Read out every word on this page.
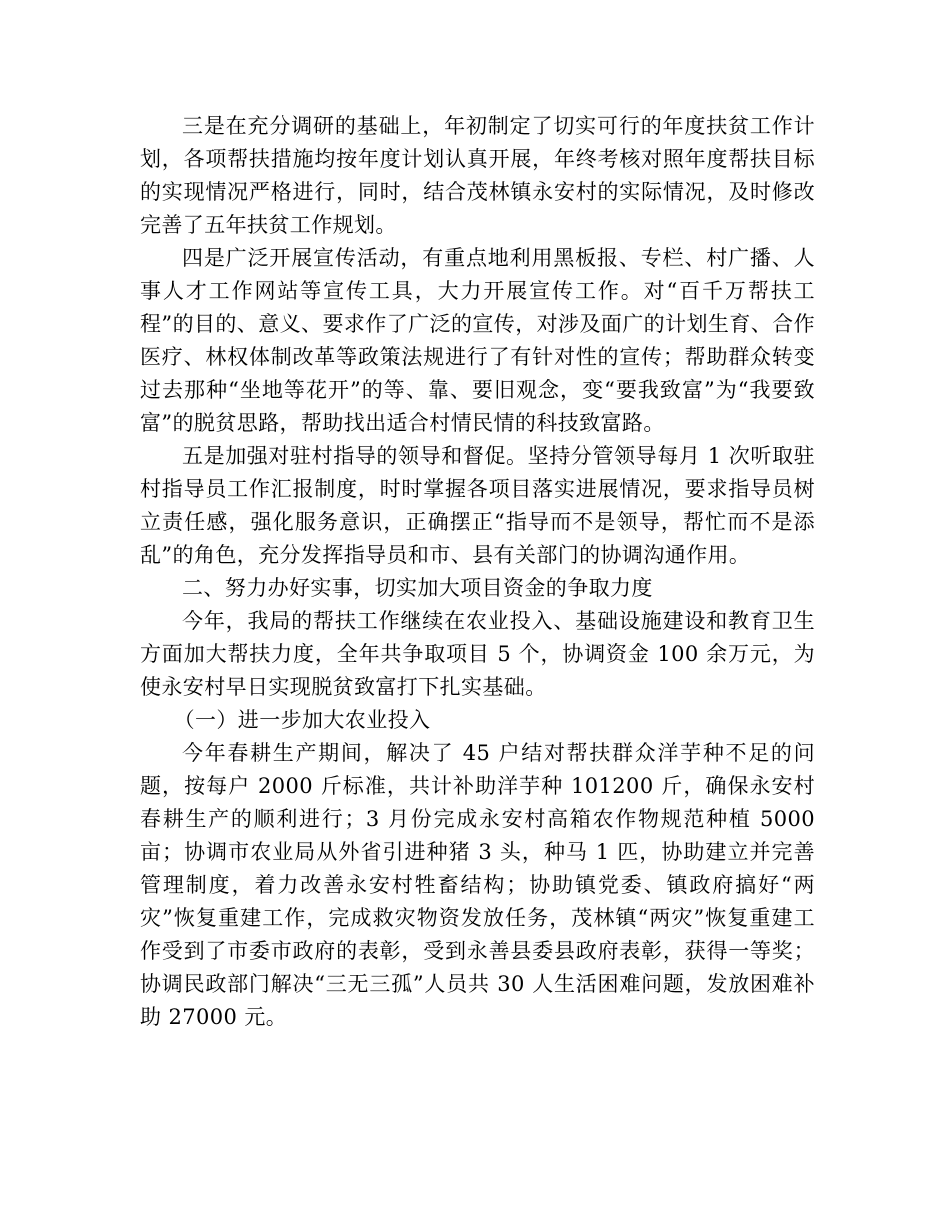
三是在充分调研的基础上，年初制定了切实可行的年度扶贫工作计划，各项帮扶措施均按年度计划认真开展，年终考核对照年度帮扶目标的实现情况严格进行，同时，结合茂林镇永安村的实际情况，及时修改完善了五年扶贫工作规划。

四是广泛开展宣传活动，有重点地利用黑板报、专栏、村广播、人事人才工作网站等宣传工具，大力开展宣传工作。对“百千万帮扶工程”的目的、意义、要求作了广泛的宣传，对涉及面广的计划生育、合作医疗、林权体制改革等政策法规进行了有针对性的宣传；帮助群众转变过去那种“坐地等花开”的等、靠、要旧观念，变“要我致富”为“我要致富”的脱贫思路，帮助找出适合村情民情的科技致富路。

五是加强对驻村指导的领导和督促。坚持分管领导每月 1 次听取驻村指导员工作汇报制度，时时掌握各项目落实进展情况，要求指导员树立责任感，强化服务意识，正确摆正“指导而不是领导，帮忙而不是添乱”的角色，充分发挥指导员和市、县有关部门的协调沟通作用。

二、努力办好实事，切实加大项目资金的争取力度

今年，我局的帮扶工作继续在农业投入、基础设施建设和教育卫生方面加大帮扶力度，全年共争取项目 5 个，协调资金 100 余万元，为使永安村早日实现脱贫致富打下扎实基础。

（一）进一步加大农业投入

今年春耕生产期间，解决了 45 户结对帮扶群众洋芋种不足的问题，按每户 2000 斤标准，共计补助洋芋种 101200 斤，确保永安村春耕生产的顺利进行；3 月份完成永安村高箱农作物规范种植 5000 亩；协调市农业局从外省引进种猪 3 头，种马 1 匹，协助建立并完善管理制度，着力改善永安村牲畜结构；协助镇党委、镇政府搞好“两灾”恢复重建工作，完成救灾物资发放任务，茂林镇“两灾”恢复重建工作受到了市委市政府的表彰，受到永善县委县政府表彰，获得一等奖；协调民政部门解决“三无三孤”人员共 30 人生活困难问题，发放困难补助 27000 元。
